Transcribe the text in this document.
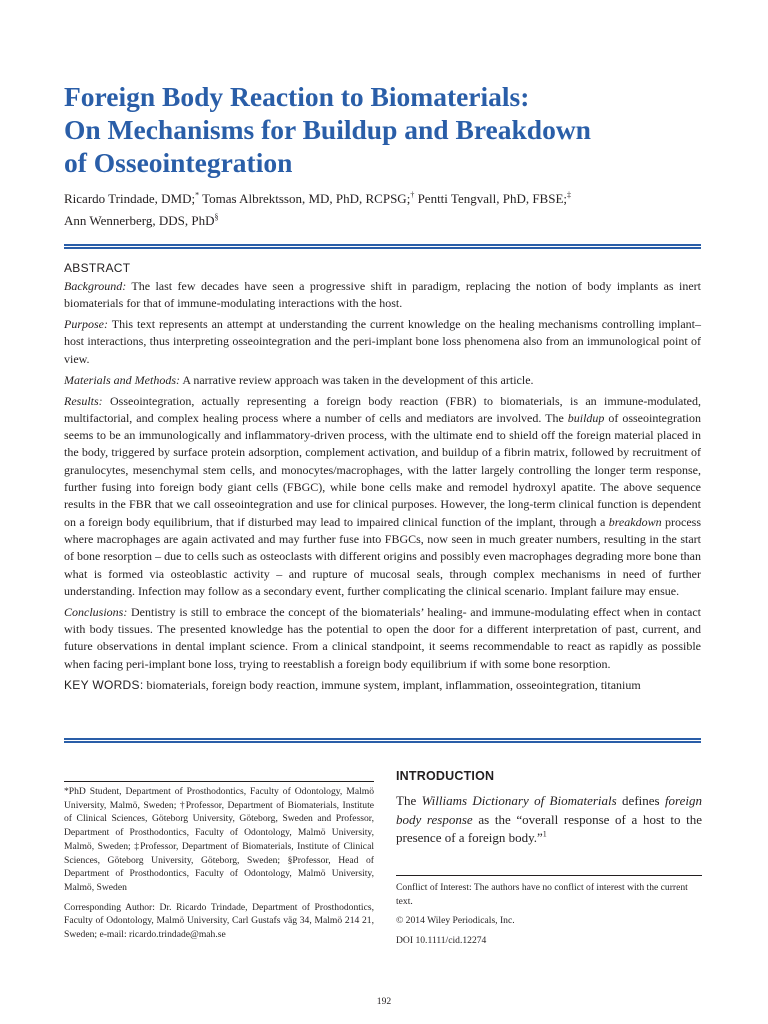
Foreign Body Reaction to Biomaterials:
On Mechanisms for Buildup and Breakdown
of Osseointegration
Ricardo Trindade, DMD;* Tomas Albrektsson, MD, PhD, RCPSG;† Pentti Tengvall, PhD, FBSE;‡
Ann Wennerberg, DDS, PhD§
ABSTRACT

Background: The last few decades have seen a progressive shift in paradigm, replacing the notion of body implants as inert biomaterials for that of immune-modulating interactions with the host.

Purpose: This text represents an attempt at understanding the current knowledge on the healing mechanisms controlling implant–host interactions, thus interpreting osseointegration and the peri-implant bone loss phenomena also from an immunological point of view.

Materials and Methods: A narrative review approach was taken in the development of this article.

Results: Osseointegration, actually representing a foreign body reaction (FBR) to biomaterials, is an immune-modulated, multifactorial, and complex healing process where a number of cells and mediators are involved. The buildup of osseointegration seems to be an immunologically and inflammatory-driven process, with the ultimate end to shield off the foreign material placed in the body, triggered by surface protein adsorption, complement activation, and buildup of a fibrin matrix, followed by recruitment of granulocytes, mesenchymal stem cells, and monocytes/macrophages, with the latter largely controlling the longer term response, further fusing into foreign body giant cells (FBGC), while bone cells make and remodel hydroxyl apatite. The above sequence results in the FBR that we call osseointegration and use for clinical purposes. However, the long-term clinical function is dependent on a foreign body equilibrium, that if disturbed may lead to impaired clinical function of the implant, through a breakdown process where macrophages are again activated and may further fuse into FBGCs, now seen in much greater numbers, resulting in the start of bone resorption – due to cells such as osteoclasts with different origins and possibly even macrophages degrading more bone than what is formed via osteoblastic activity – and rupture of mucosal seals, through complex mechanisms in need of further understanding. Infection may follow as a secondary event, further complicating the clinical scenario. Implant failure may ensue.

Conclusions: Dentistry is still to embrace the concept of the biomaterials’ healing- and immune-modulating effect when in contact with body tissues. The presented knowledge has the potential to open the door for a different interpretation of past, current, and future observations in dental implant science. From a clinical standpoint, it seems recommendable to react as rapidly as possible when facing peri-implant bone loss, trying to reestablish a foreign body equilibrium if with some bone resorption.

KEY WORDS: biomaterials, foreign body reaction, immune system, implant, inflammation, osseointegration, titanium

*PhD Student, Department of Prosthodontics, Faculty of Odontology, Malmö University, Malmö, Sweden; †Professor, Department of Biomaterials, Institute of Clinical Sciences, Göteborg University, Göteborg, Sweden and Professor, Department of Prosthodontics, Faculty of Odontology, Malmö University, Malmö, Sweden; ‡Professor, Department of Biomaterials, Institute of Clinical Sciences, Göteborg University, Göteborg, Sweden; §Professor, Head of Department of Prosthodontics, Faculty of Odontology, Malmö University, Malmö, Sweden

Corresponding Author: Dr. Ricardo Trindade, Department of Prosthodontics, Faculty of Odontology, Malmö University, Carl Gustafs väg 34, Malmö 214 21, Sweden; e-mail: ricardo.trindade@mah.se

INTRODUCTION
The Williams Dictionary of Biomaterials defines foreign body response as the “overall response of a host to the presence of a foreign body.”$^1$

Conflict of Interest: The authors have no conflict of interest with the current text.

© 2014 Wiley Periodicals, Inc.

DOI 10.1111/cid.12274

192
